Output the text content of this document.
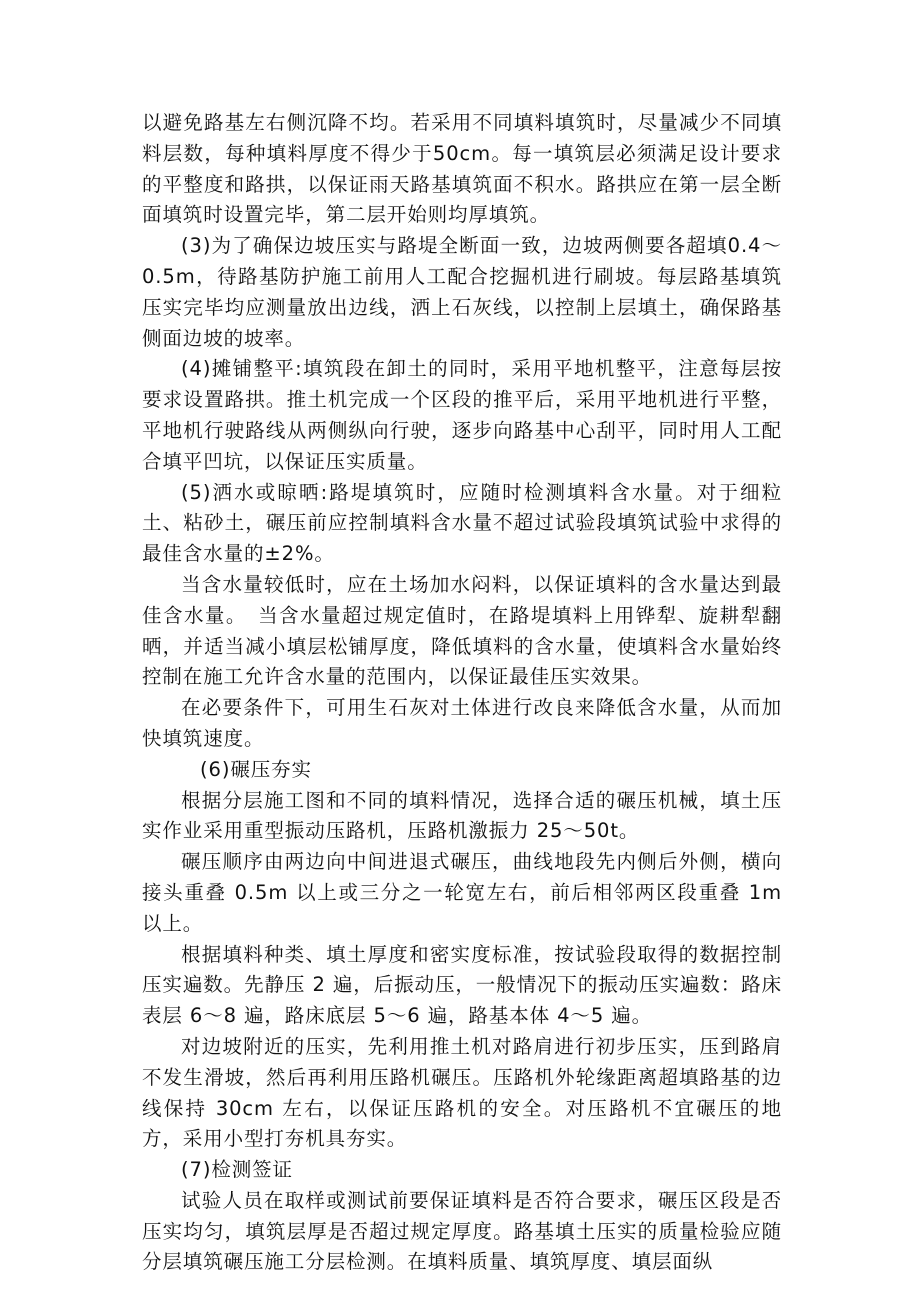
以避免路基左右侧沉降不均。若采用不同填料填筑时，尽量减少不同填料层数，每种填料厚度不得少于50cm。每一填筑层必须满足设计要求的平整度和路拱，以保证雨天路基填筑面不积水。路拱应在第一层全断面填筑时设置完毕，第二层开始则均厚填筑。

(3)为了确保边坡压实与路堤全断面一致，边坡两侧要各超填0.4～0.5m，待路基防护施工前用人工配合挖掘机进行刷坡。每层路基填筑压实完毕均应测量放出边线，洒上石灰线，以控制上层填土，确保路基侧面边坡的坡率。

(4)摊铺整平:填筑段在卸土的同时，采用平地机整平，注意每层按要求设置路拱。推土机完成一个区段的推平后，采用平地机进行平整，平地机行驶路线从两侧纵向行驶，逐步向路基中心刮平，同时用人工配合填平凹坑，以保证压实质量。

(5)洒水或晾晒:路堤填筑时，应随时检测填料含水量。对于细粒土、粘砂土，碾压前应控制填料含水量不超过试验段填筑试验中求得的最佳含水量的±2%。

当含水量较低时，应在土场加水闷料，以保证填料的含水量达到最佳含水量。　当含水量超过规定值时，在路堤填料上用铧犁、旋耕犁翻晒，并适当减小填层松铺厚度，降低填料的含水量，使填料含水量始终控制在施工允许含水量的范围内，以保证最佳压实效果。

在必要条件下，可用生石灰对土体进行改良来降低含水量，从而加快填筑速度。

(6)碾压夯实

根据分层施工图和不同的填料情况，选择合适的碾压机械，填土压实作业采用重型振动压路机，压路机激振力 25～50t。

碾压顺序由两边向中间进退式碾压，曲线地段先内侧后外侧，横向接头重叠 0.5m 以上或三分之一轮宽左右，前后相邻两区段重叠 1m 以上。

根据填料种类、填土厚度和密实度标准，按试验段取得的数据控制压实遍数。先静压 2 遍，后振动压，一般情况下的振动压实遍数：路床表层 6～8 遍，路床底层 5～6 遍，路基本体 4～5 遍。

对边坡附近的压实，先利用推土机对路肩进行初步压实，压到路肩不发生滑坡，然后再利用压路机碾压。压路机外轮缘距离超填路基的边线保持 30cm 左右，以保证压路机的安全。对压路机不宜碾压的地方，采用小型打夯机具夯实。

(7)检测签证

试验人员在取样或测试前要保证填料是否符合要求，碾压区段是否压实均匀，填筑层厚是否超过规定厚度。路基填土压实的质量检验应随分层填筑碾压施工分层检测。在填料质量、填筑厚度、填层面纵
